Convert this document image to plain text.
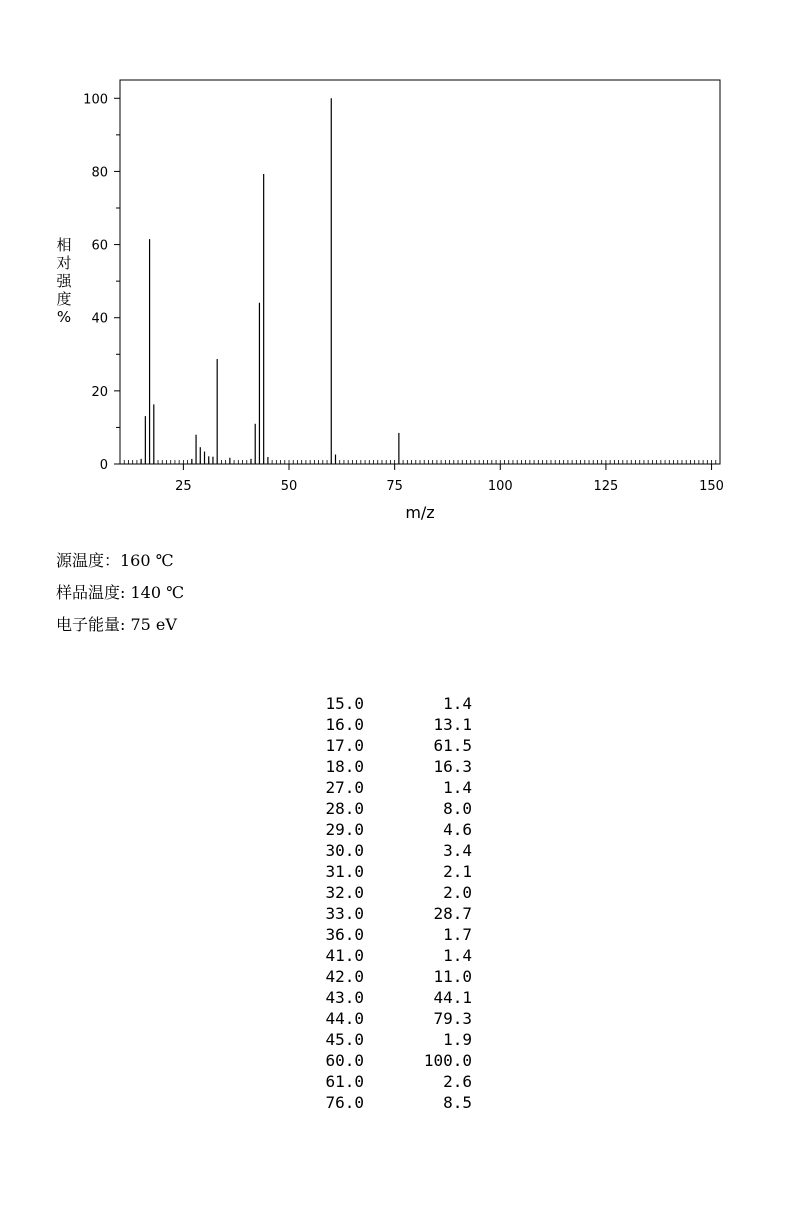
25	50	75	100	125	150
0
20
40
60
80
100
m/z
相对强度%
源温度：160 ℃
样品温度: 140 ℃
电子能量: 75 eV
15.0	1.4
16.0	13.1
17.0	61.5
18.0	16.3
27.0	1.4
28.0	8.0
29.0	4.6
30.0	3.4
31.0	2.1
32.0	2.0
33.0	28.7
36.0	1.7
41.0	1.4
42.0	11.0
43.0	44.1
44.0	79.3
45.0	1.9
60.0	100.0
61.0	2.6
76.0	8.5
